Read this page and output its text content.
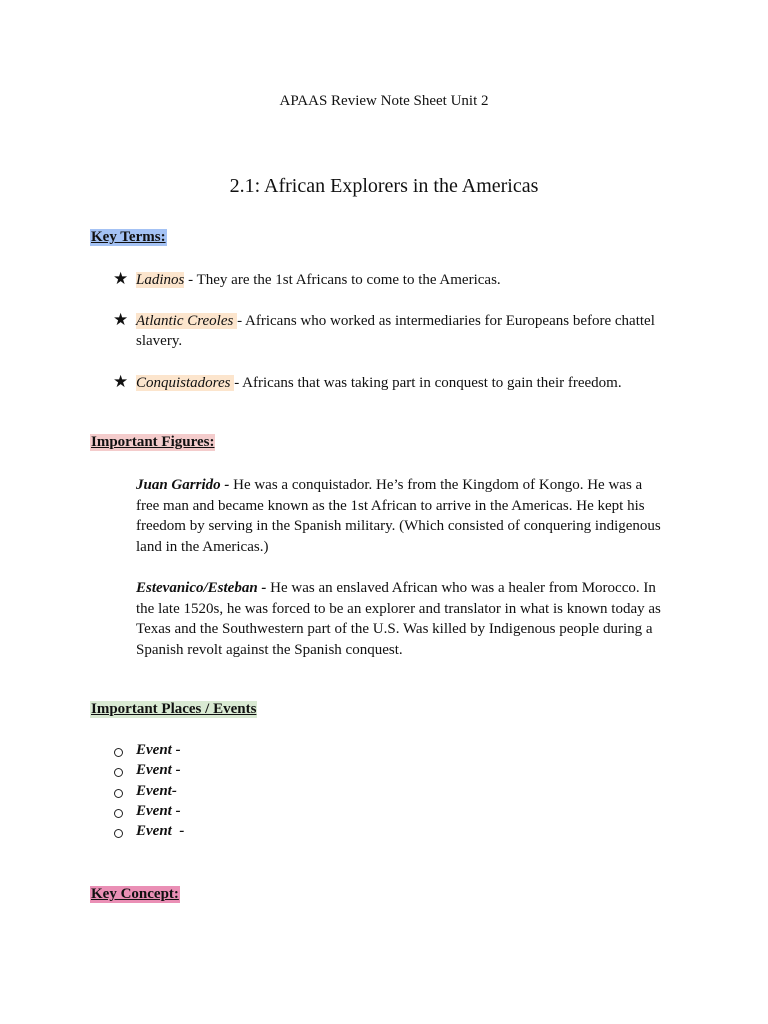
APAAS Review Note Sheet Unit 2
2.1: African Explorers in the Americas
Key Terms:
★ Ladinos - They are the 1st Africans to come to the Americas.
★ Atlantic Creoles - Africans who worked as intermediaries for Europeans before chattel slavery.
★ Conquistadores - Africans that was taking part in conquest to gain their freedom.
Important Figures:
Juan Garrido - He was a conquistador. He’s from the Kingdom of Kongo. He was a free man and became known as the 1st African to arrive in the Americas. He kept his freedom by serving in the Spanish military. (Which consisted of conquering indigenous land in the Americas.)
Estevanico/Esteban - He was an enslaved African who was a healer from Morocco. In the late 1520s, he was forced to be an explorer and translator in what is known today as Texas and the Southwestern part of the U.S. Was killed by Indigenous people during a Spanish revolt against the Spanish conquest.
Important Places / Events
Event -
Event -
Event-
Event -
Event  -
Key Concept:
